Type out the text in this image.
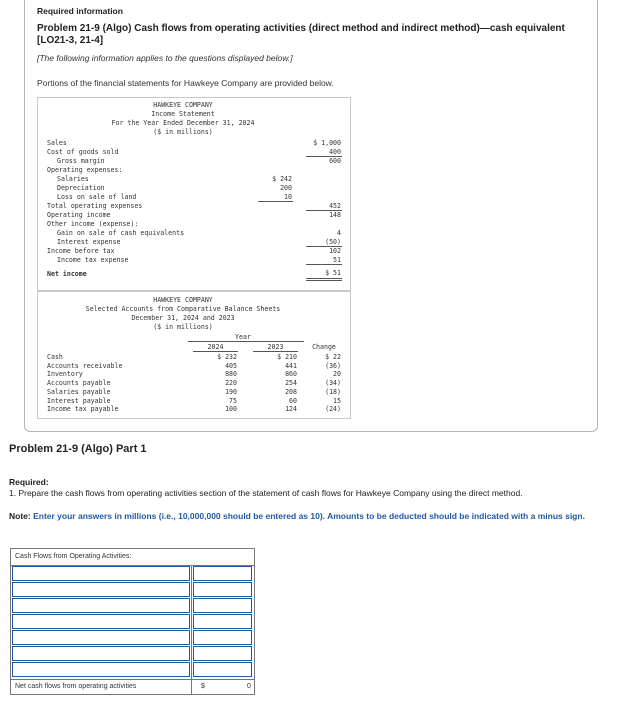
Required information
Problem 21-9 (Algo) Cash flows from operating activities (direct method and indirect method)—cash equivalent [LO21-3, 21-4]
[The following information applies to the questions displayed below.]
Portions of the financial statements for Hawkeye Company are provided below.
HAWKEYE COMPANY
Income Statement
For the Year Ended December 31, 2024
($ in millions)
Sales	$ 1,000
Cost of goods sold	400
Gross margin	600
Operating expenses:
Salaries	$ 242
Depreciation	200
Loss on sale of land	10
Total operating expenses	452
Operating income	148
Other income (expense):
Gain on sale of cash equivalents	4
Interest expense	(50)
Income before tax	102
Income tax expense	51
Net income	$ 51
HAWKEYE COMPANY
Selected Accounts from Comparative Balance Sheets
December 31, 2024 and 2023
($ in millions)
Year
2024	2023	Change
Cash	$ 232	$ 210	$ 22
Accounts receivable	405	441	(36)
Inventory	880	860	20
Accounts payable	220	254	(34)
Salaries payable	190	208	(18)
Interest payable	75	60	15
Income tax payable	100	124	(24)
Problem 21-9 (Algo) Part 1
Required:
1. Prepare the cash flows from operating activities section of the statement of cash flows for Hawkeye Company using the direct method.
Note: Enter your answers in millions (i.e., 10,000,000 should be entered as 10). Amounts to be deducted should be indicated with a minus sign.
Cash Flows from Operating Activities:
Net cash flows from operating activities	$	0
